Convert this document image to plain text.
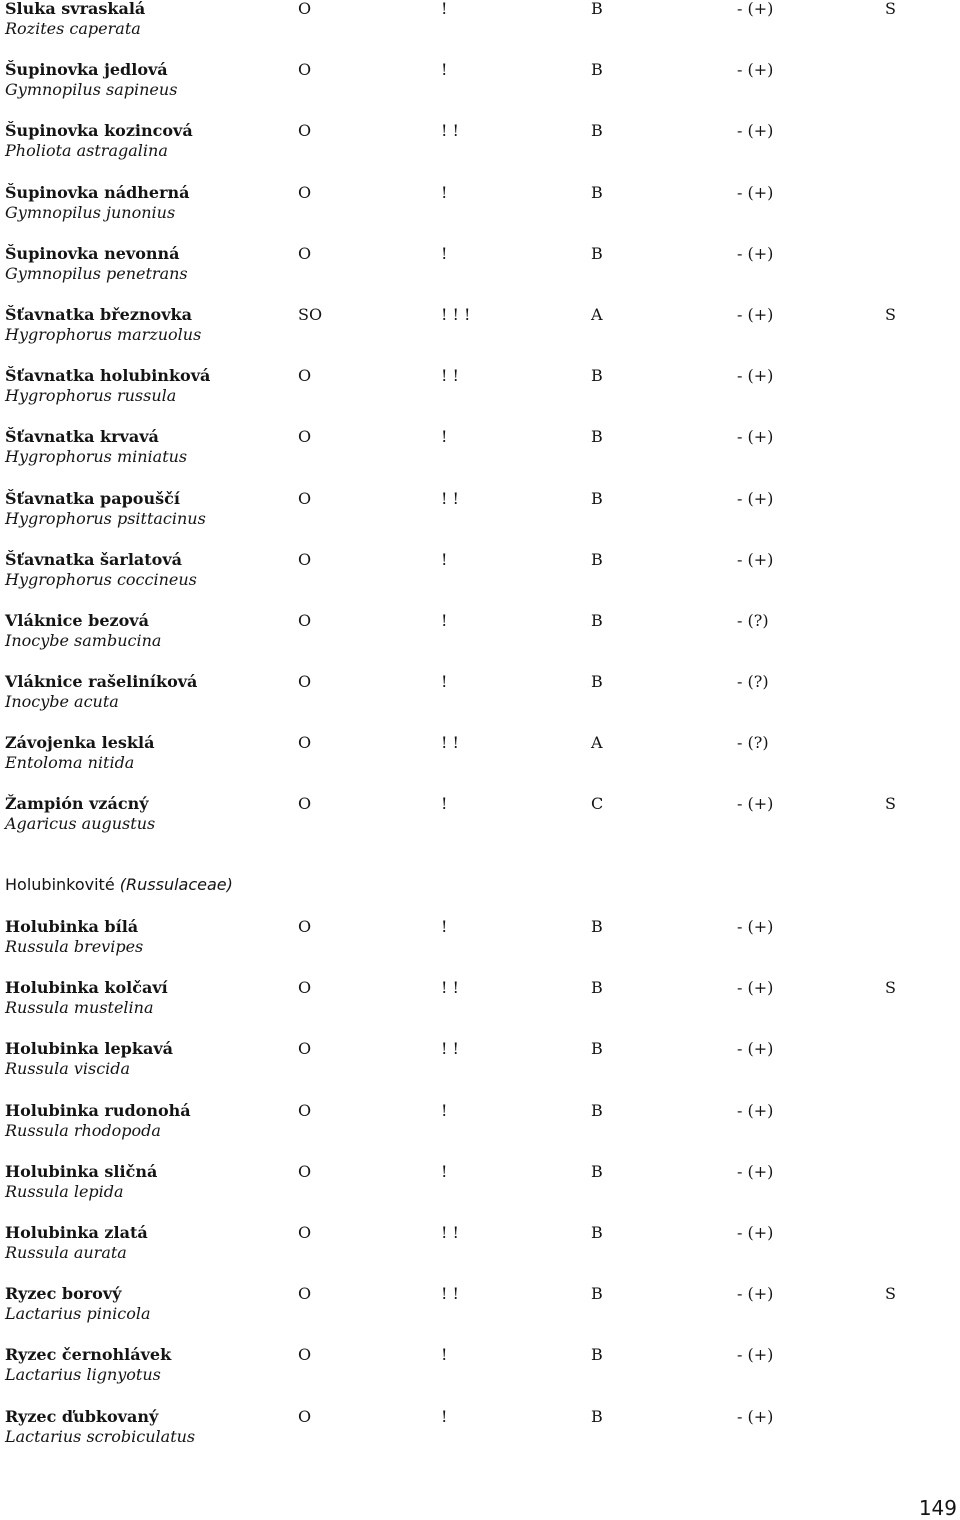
Sluka svraskalá
Rozites caperata
O	!	B	- (+)	S
Šupinovka jedlová
Gymnopilus sapineus
O	!	B	- (+)
Šupinovka kozincová
Pholiota astragalina
O	! !	B	- (+)
Šupinovka nádherná
Gymnopilus junonius
O	!	B	- (+)
Šupinovka nevonná
Gymnopilus penetrans
O	!	B	- (+)
Šťavnatka březnovka
Hygrophorus marzuolus
SO	! ! !	A	- (+)	S
Šťavnatka holubinková
Hygrophorus russula
O	! !	B	- (+)
Šťavnatka krvavá
Hygrophorus miniatus
O	!	B	- (+)
Šťavnatka papouščí
Hygrophorus psittacinus
O	! !	B	- (+)
Šťavnatka šarlatová
Hygrophorus coccineus
O	!	B	- (+)
Vláknice bezová
Inocybe sambucina
O	!	B	- (?)
Vláknice rašeliníková
Inocybe acuta
O	!	B	- (?)
Závojenka lesklá
Entoloma nitida
O	! !	A	- (?)
Žampión vzácný
Agaricus augustus
O	!	C	- (+)	S
Holubinkovité (Russulaceae)
Holubinka bílá
Russula brevipes
O	!	B	- (+)
Holubinka kolčaví
Russula mustelina
O	! !	B	- (+)	S
Holubinka lepkavá
Russula viscida
O	! !	B	- (+)
Holubinka rudonohá
Russula rhodopoda
O	!	B	- (+)
Holubinka sličná
Russula lepida
O	!	B	- (+)
Holubinka zlatá
Russula aurata
O	! !	B	- (+)
Ryzec borový
Lactarius pinicola
O	! !	B	- (+)	S
Ryzec černohlávek
Lactarius lignyotus
O	!	B	- (+)
Ryzec ďubkovaný
Lactarius scrobiculatus
O	!	B	- (+)
149
